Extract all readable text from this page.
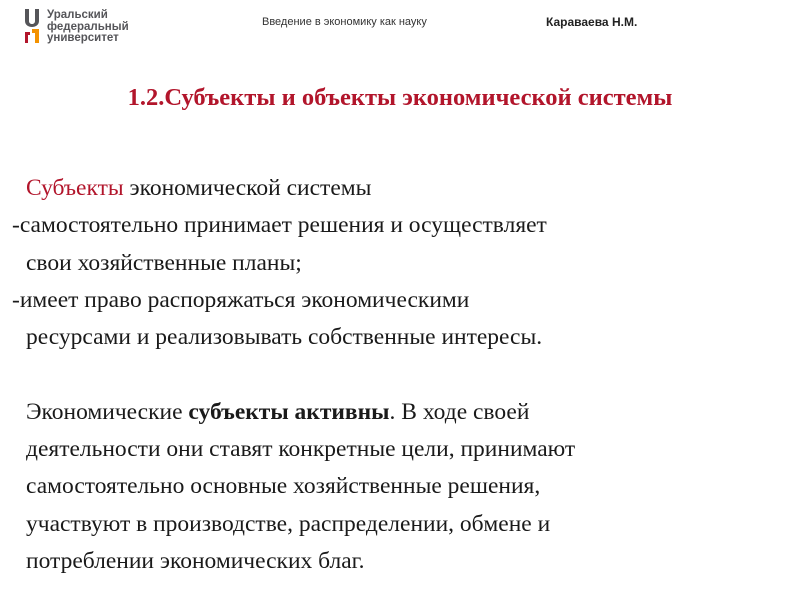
Уральский
федеральный
университет
Введение в экономику как науку	Караваева Н.М.
1.2.Субъекты и объекты экономической системы
Субъекты экономической системы
-самостоятельно принимает решения и осуществляет
свои хозяйственные планы;
-имеет право распоряжаться экономическими
ресурсами и реализовывать собственные интересы.
Экономические субъекты активны. В ходе своей
деятельности они ставят конкретные цели, принимают
самостоятельно основные хозяйственные решения,
участвуют в производстве, распределении, обмене и
потреблении экономических благ.
